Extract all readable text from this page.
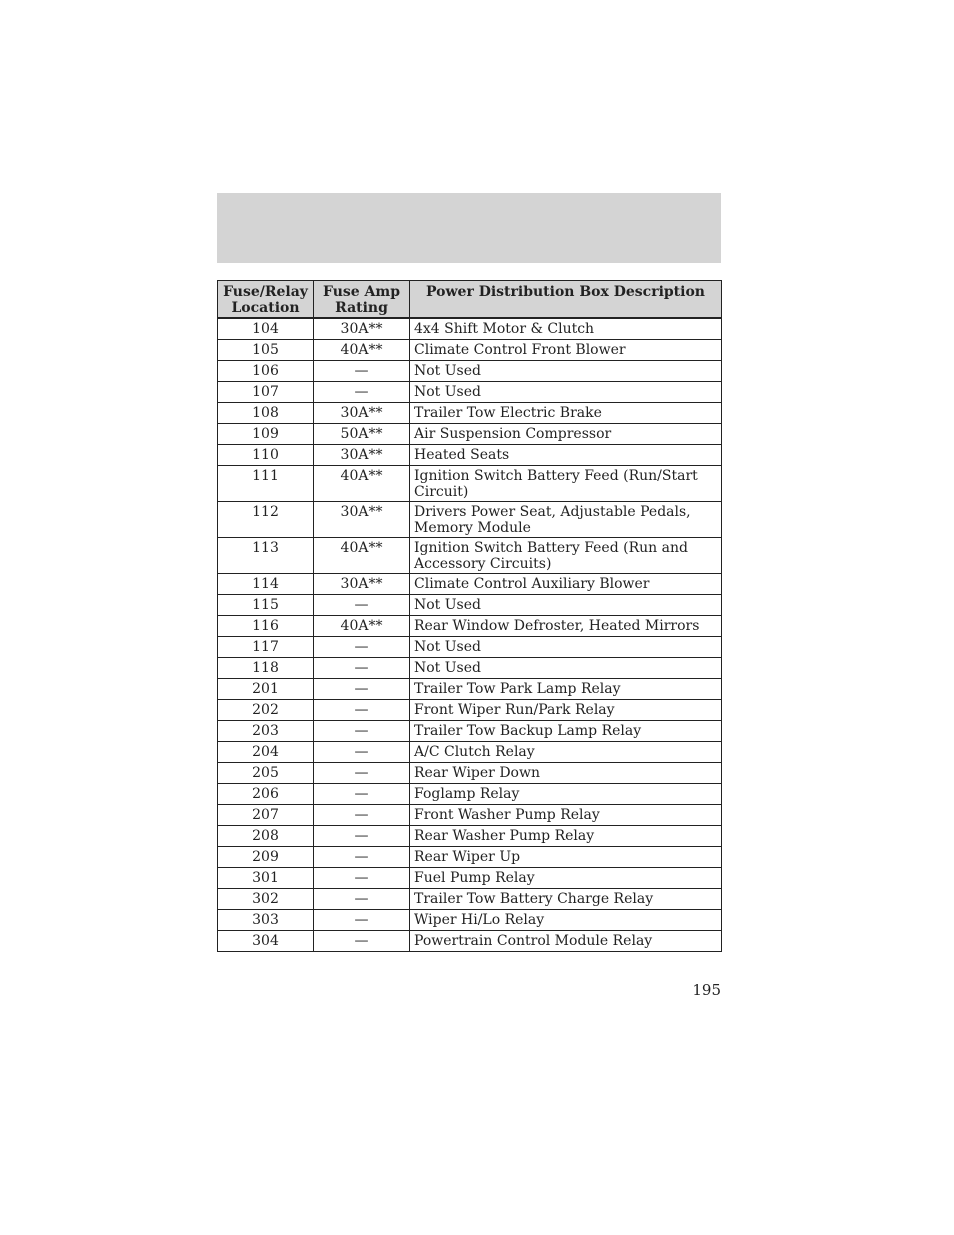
Fuse/Relay Location	Fuse Amp Rating	Power Distribution Box Description
104	30A**	4x4 Shift Motor & Clutch
105	40A**	Climate Control Front Blower
106	—	Not Used
107	—	Not Used
108	30A**	Trailer Tow Electric Brake
109	50A**	Air Suspension Compressor
110	30A**	Heated Seats
111	40A**	Ignition Switch Battery Feed (Run/Start Circuit)
112	30A**	Drivers Power Seat, Adjustable Pedals, Memory Module
113	40A**	Ignition Switch Battery Feed (Run and Accessory Circuits)
114	30A**	Climate Control Auxiliary Blower
115	—	Not Used
116	40A**	Rear Window Defroster, Heated Mirrors
117	—	Not Used
118	—	Not Used
201	—	Trailer Tow Park Lamp Relay
202	—	Front Wiper Run/Park Relay
203	—	Trailer Tow Backup Lamp Relay
204	—	A/C Clutch Relay
205	—	Rear Wiper Down
206	—	Foglamp Relay
207	—	Front Washer Pump Relay
208	—	Rear Washer Pump Relay
209	—	Rear Wiper Up
301	—	Fuel Pump Relay
302	—	Trailer Tow Battery Charge Relay
303	—	Wiper Hi/Lo Relay
304	—	Powertrain Control Module Relay
195
